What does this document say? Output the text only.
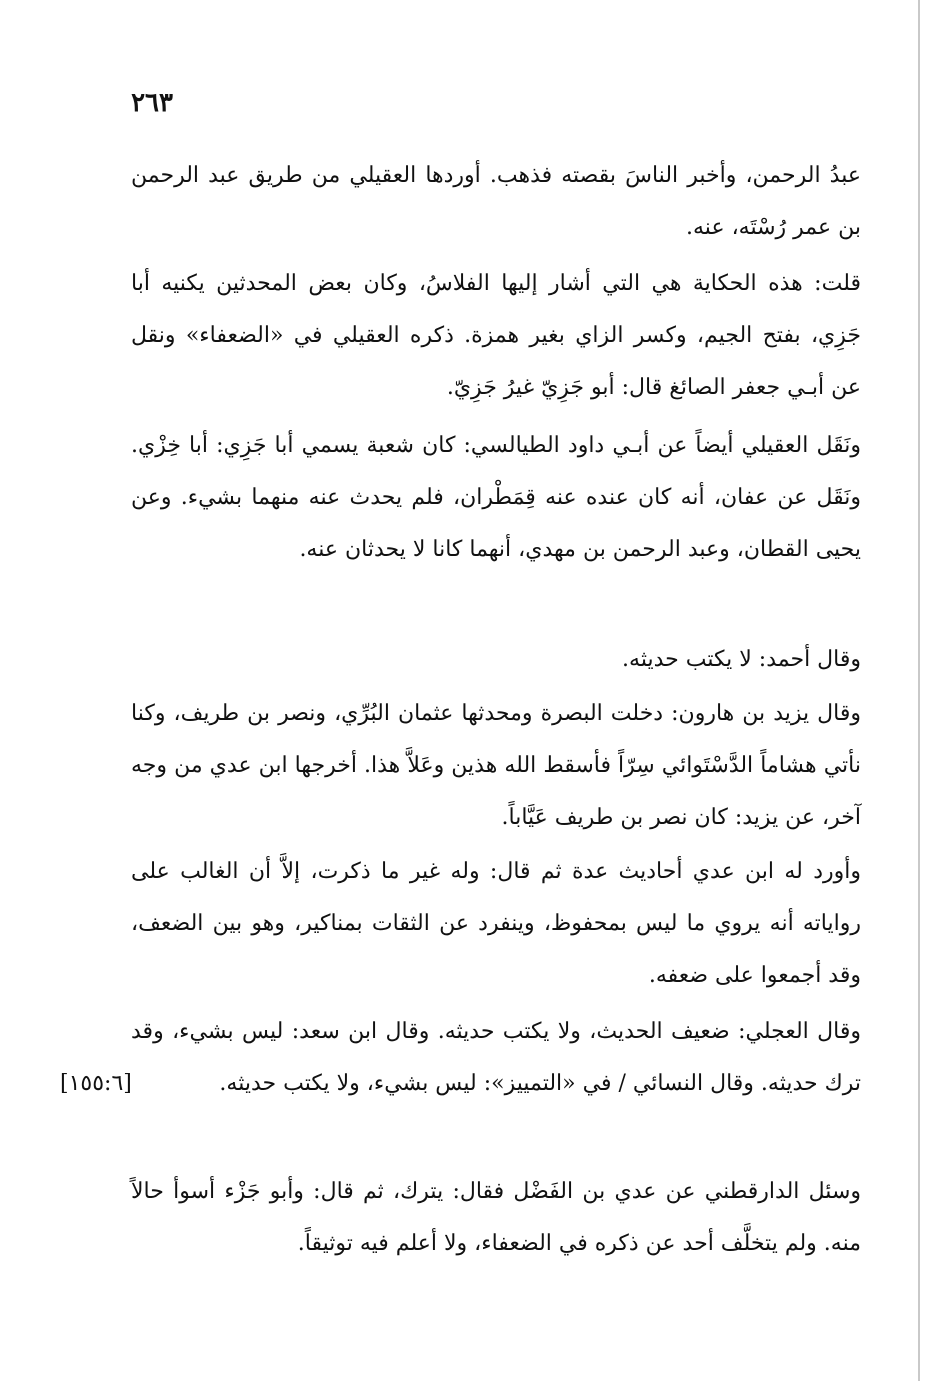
٢٦٣
عبدُ الرحمن، وأخبر الناسَ بقصته فذهب. أوردها العقيلي من طريق عبد الرحمن بن عمر رُسْتَه، عنه.
قلت: هذه الحكاية هي التي أشار إليها الفلاسُ، وكان بعض المحدثين يكنيه أبا جَزِي، بفتح الجيم، وكسر الزاي بغير همزة. ذكره العقيلي في «الضعفاء» ونقل عن أبـي جعفر الصائغ قال: أبو جَزِيّ غيرُ جَزِيّ.
ونَقَل العقيلي أيضاً عن أبـي داود الطيالسي: كان شعبة يسمي أبا جَزِي: أبا خِزْي. ونَقَل عن عفان، أنه كان عنده عنه قِمَطْران، فلم يحدث عنه منهما بشيء. وعن يحيى القطان، وعبد الرحمن بن مهدي، أنهما كانا لا يحدثان عنه.
وقال أحمد: لا يكتب حديثه.
وقال يزيد بن هارون: دخلت البصرة ومحدثها عثمان البُرِّي، ونصر بن طريف، وكنا نأتي هشاماً الدَّسْتَوائي سِرّاً فأسقط الله هذين وعَلاَّ هذا. أخرجها ابن عدي من وجه آخر، عن يزيد: كان نصر بن طريف عَيَّاباً.
وأورد له ابن عدي أحاديث عدة ثم قال: وله غير ما ذكرت، إلاَّ أن الغالب على رواياته أنه يروي ما ليس بمحفوظ، وينفرد عن الثقات بمناكير، وهو بين الضعف، وقد أجمعوا على ضعفه.
وقال العجلي: ضعيف الحديث، ولا يكتب حديثه. وقال ابن سعد: ليس بشيء، وقد ترك حديثه. وقال النسائي / في «التمييز»: ليس بشيء، ولا يكتب حديثه.
وسئل الدارقطني عن عدي بن الفَضْل فقال: يترك، ثم قال: وأبو جَزْء أسوأ حالاً منه. ولم يتخلَّف أحد عن ذكره في الضعفاء، ولا أعلم فيه توثيقاً.
[١٥٥:٦]
